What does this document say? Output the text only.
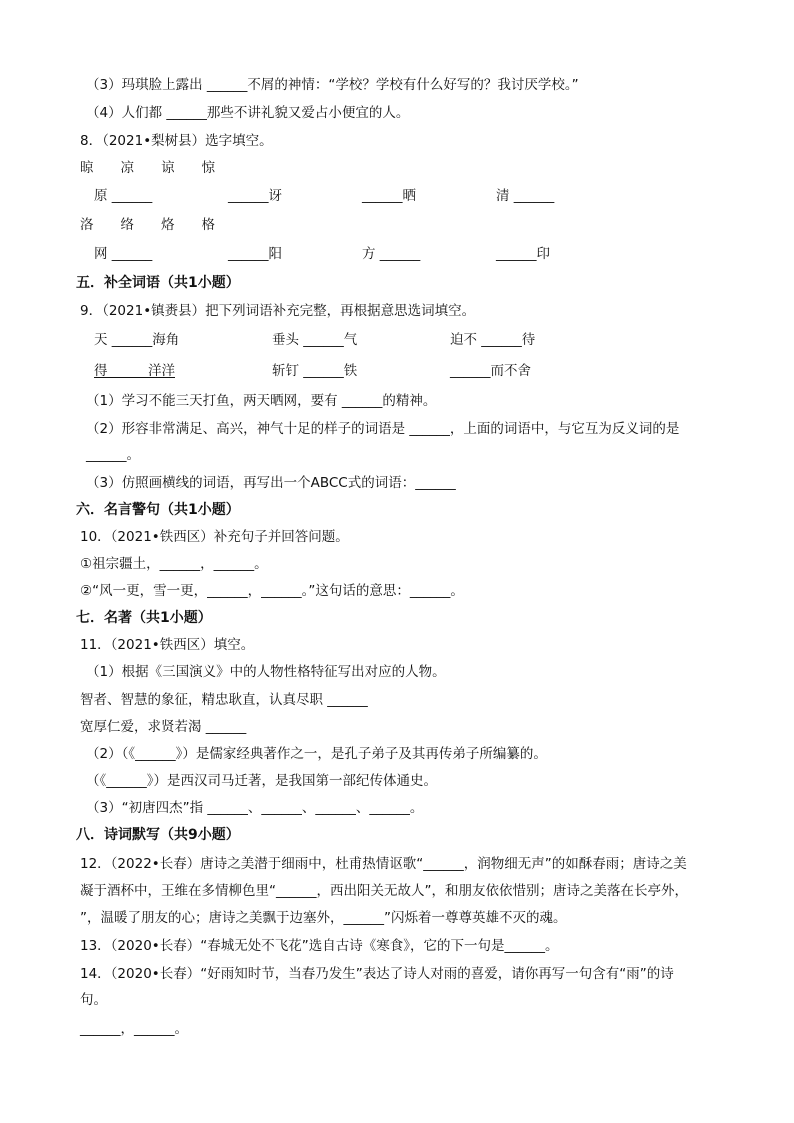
（3）玛琪脸上露出 ______不屑的神情：“学校？学校有什么好写的？我讨厌学校。”
（4）人们都 ______那些不讲礼貌又爱占小便宜的人。
8．（2021•梨树县）选字填空。
晾　　凉　　谅　　惊
原 ______	______讶	______晒	清 ______
洛　　络　　烙　　格
网 ______	______阳	方 ______	______印
五．补全词语（共1小题）
9．（2021•镇赉县）把下列词语补充完整，再根据意思选词填空。
天 ______海角	垂头 ______气	迫不 ______待
得______洋洋	斩钉 ______铁	______而不舍
（1）学习不能三天打鱼，两天晒网，要有 ______的精神。
（2）形容非常满足、高兴，神气十足的样子的词语是 ______，上面的词语中，与它互为反义词的是
______。
（3）仿照画横线的词语，再写出一个ABCC式的词语：______
六．名言警句（共1小题）
10．（2021•铁西区）补充句子并回答问题。
①祖宗疆土，______，______。
②“风一更，雪一更，______，______。”这句话的意思：______。
七．名著（共1小题）
11．（2021•铁西区）填空。
（1）根据《三国演义》中的人物性格特征写出对应的人物。
智者、智慧的象征，精忠耿直，认真尽职 ______
宽厚仁爱，求贤若渴 ______
（2）（《______》）是儒家经典著作之一，是孔子弟子及其再传弟子所编纂的。
（《______》）是西汉司马迁著，是我国第一部纪传体通史。
（3）“初唐四杰”指 ______、______、______、______。
八．诗词默写（共9小题）
12．（2022•长春）唐诗之美潜于细雨中，杜甫热情讴歌“______，润物细无声”的如酥春雨；唐诗之美
凝于酒杯中，王维在多情柳色里“______，西出阳关无故人”，和朋友依依惜别；唐诗之美落在长亭外，
”，温暖了朋友的心；唐诗之美飘于边塞外，______”闪烁着一尊尊英雄不灭的魂。
13．（2020•长春）“春城无处不飞花”选自古诗《寒食》，它的下一句是______。
14．（2020•长春）“好雨知时节，当春乃发生”表达了诗人对雨的喜爱，请你再写一句含有“雨”的诗
句。
______，______。
